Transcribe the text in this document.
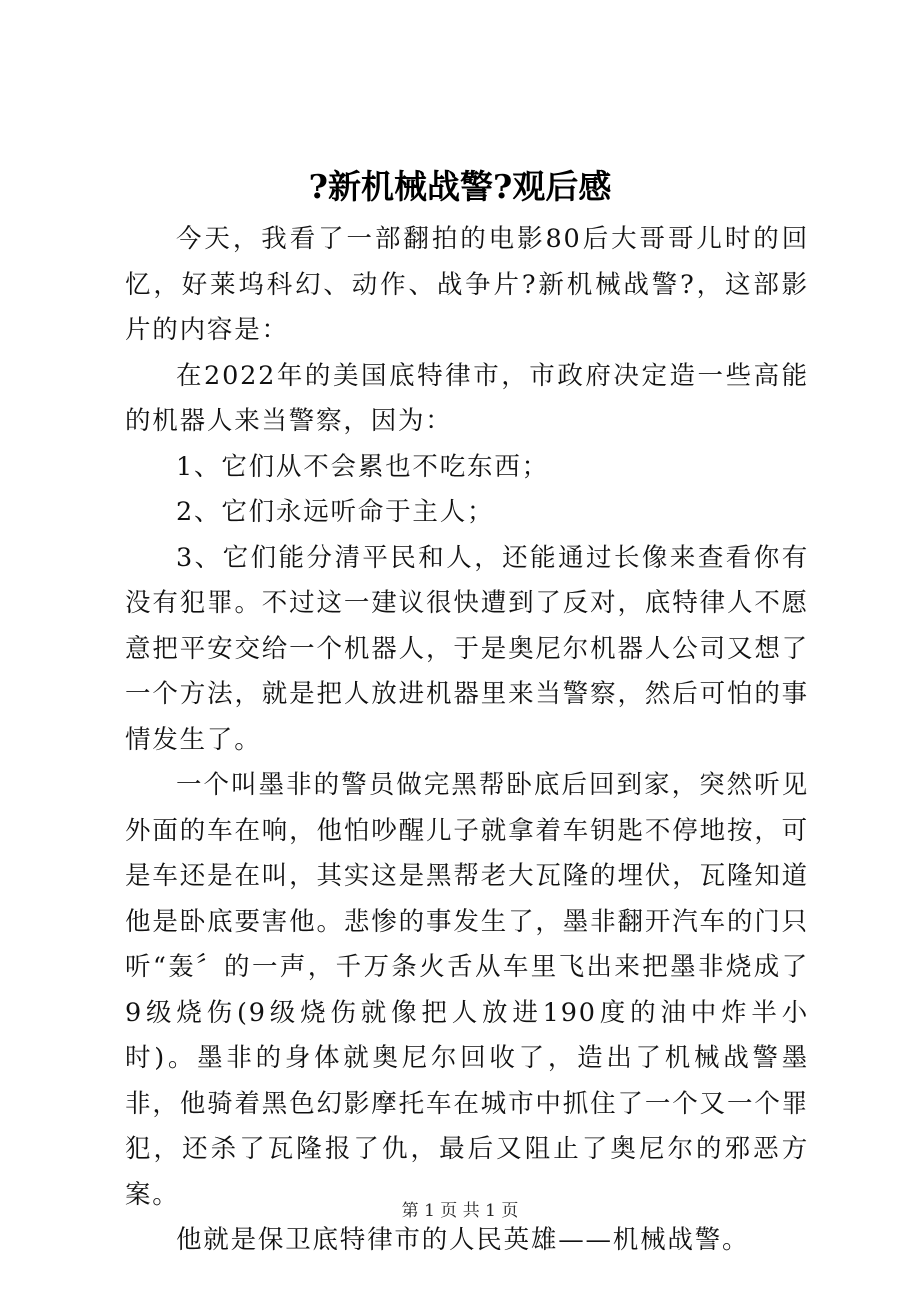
?新机械战警?观后感

今天，我看了一部翻拍的电影80后大哥哥儿时的回忆，好莱坞科幻、动作、战争片?新机械战警?，这部影片的内容是：

在2022年的美国底特律市，市政府决定造一些高能的机器人来当警察，因为：

1、它们从不会累也不吃东西；

2、它们永远听命于主人；

3、它们能分清平民和人，还能通过长像来查看你有没有犯罪。不过这一建议很快遭到了反对，底特律人不愿意把平安交给一个机器人，于是奥尼尔机器人公司又想了一个方法，就是把人放进机器里来当警察，然后可怕的事情发生了。

一个叫墨非的警员做完黑帮卧底后回到家，突然听见外面的车在响，他怕吵醒儿子就拿着车钥匙不停地按，可是车还是在叫，其实这是黑帮老大瓦隆的埋伏，瓦隆知道他是卧底要害他。悲惨的事发生了，墨非翻开汽车的门只听“轰〞的一声，千万条火舌从车里飞出来把墨非烧成了9级烧伤(9级烧伤就像把人放进190度的油中炸半小时)。墨非的身体就奥尼尔回收了，造出了机械战警墨非，他骑着黑色幻影摩托车在城市中抓住了一个又一个罪犯，还杀了瓦隆报了仇，最后又阻止了奥尼尔的邪恶方案。

他就是保卫底特律市的人民英雄——机械战警。

第 1 页 共 1 页
